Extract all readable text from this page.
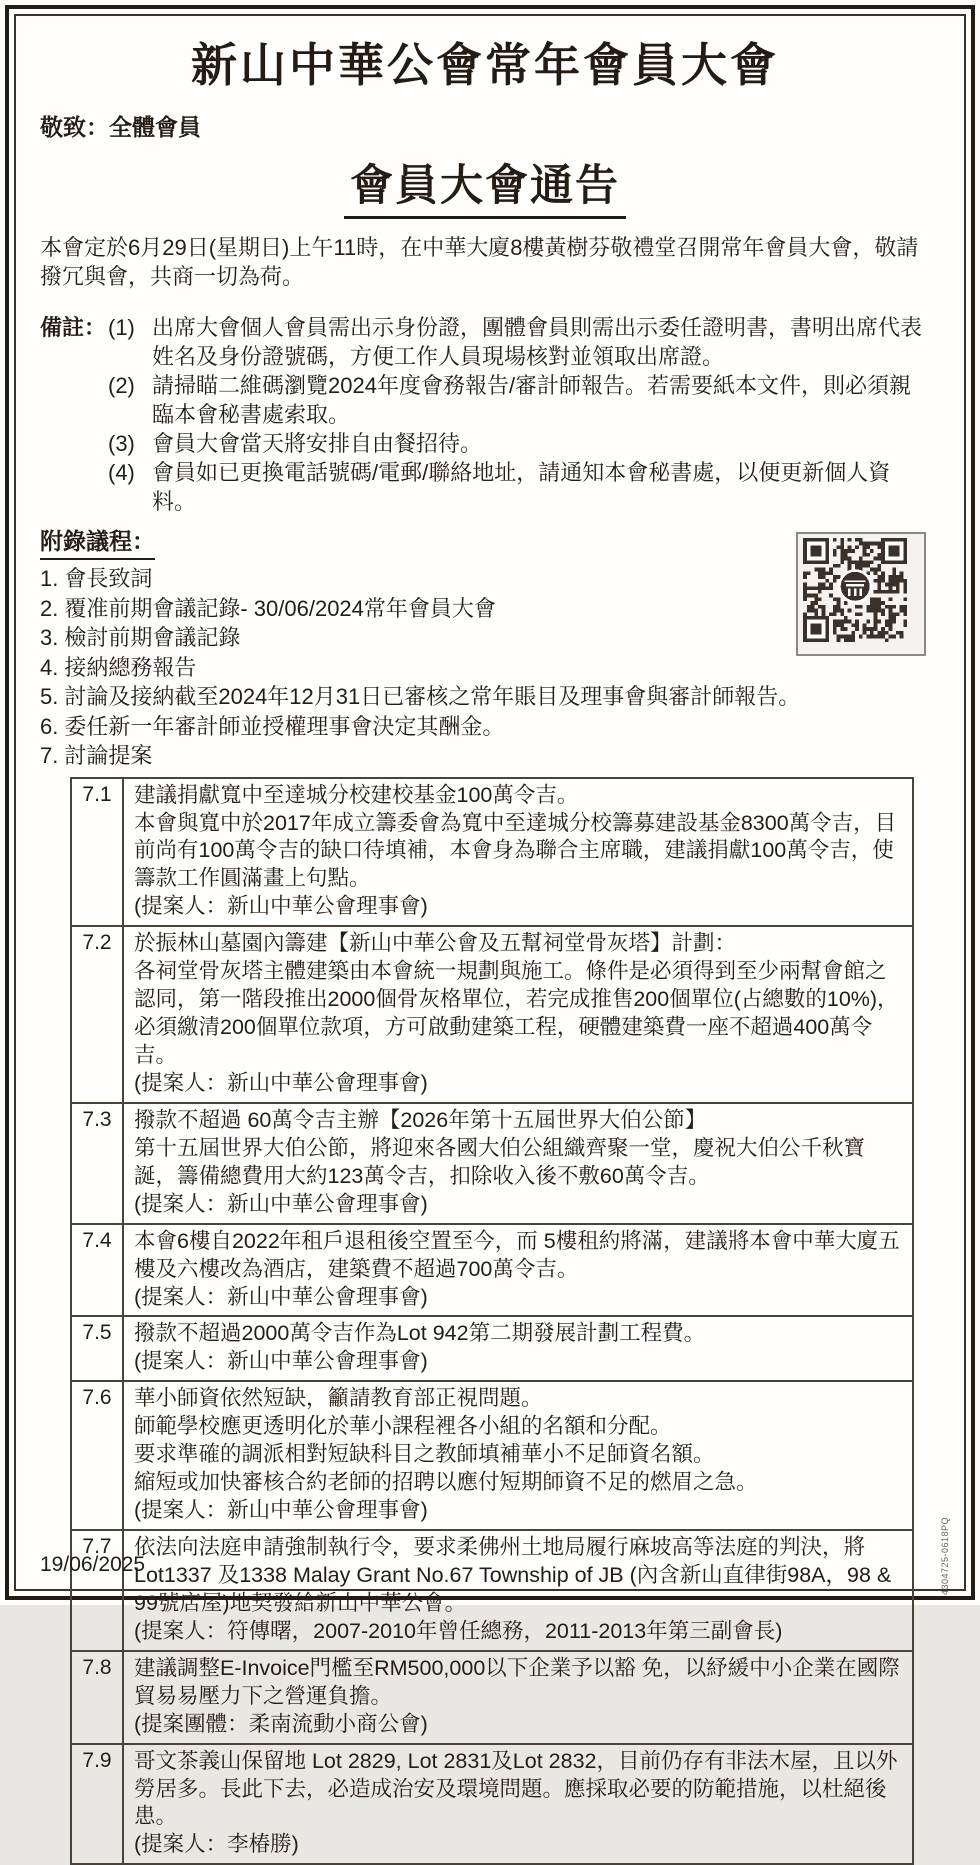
新山中華公會常年會員大會
敬致：全體會員
會員大會通告

本會定於6月29日(星期日)上午11時，在中華大廈8樓黃樹芬敬禮堂召開常年會員大會，敬請撥冗與會，共商一切為荷。

備註： (1) 出席大會個人會員需出示身份證，團體會員則需出示委任證明書，書明出席代表姓名及身份證號碼，方便工作人員現場核對並領取出席證。
(2) 請掃瞄二維碼瀏覽2024年度會務報告/審計師報告。若需要紙本文件，則必須親臨本會秘書處索取。
(3) 會員大會當天將安排自由餐招待。
(4) 會員如已更換電話號碼/電郵/聯絡地址，請通知本會秘書處，以便更新個人資料。
附錄議程：
1. 會長致詞
2. 覆准前期會議記錄- 30/06/2024常年會員大會
3. 檢討前期會議記錄
4. 接納總務報告
5. 討論及接納截至2024年12月31日已審核之常年賬目及理事會與審計師報告。
6. 委任新一年審計師並授權理事會決定其酬金。
7. 討論提案
7.1	建議捐獻寬中至達城分校建校基金100萬令吉。

本會與寬中於2017年成立籌委會為寬中至達城分校籌募建設基金8300萬令吉，目前尚有100萬令吉的缺口待填補，本會身為聯合主席職，建議捐獻100萬令吉，使籌款工作圓滿畫上句點。

(提案人：新山中華公會理事會)

7.2	於振林山墓園內籌建【新山中華公會及五幫祠堂骨灰塔】計劃：

各祠堂骨灰塔主體建築由本會統一規劃與施工。條件是必須得到至少兩幫會館之認同，第一階段推出2000個骨灰格單位，若完成推售200個單位(占總數的10%)，必須繳清200個單位款項，方可啟動建築工程，硬體建築費一座不超過400萬令吉。

(提案人：新山中華公會理事會)

7.3	撥款不超過 60萬令吉主辦【2026年第十五屆世界大伯公節】

第十五屆世界大伯公節，將迎來各國大伯公組織齊聚一堂，慶祝大伯公千秋寶誕，籌備總費用大約123萬令吉，扣除收入後不敷60萬令吉。

(提案人：新山中華公會理事會)

7.4	本會6樓自2022年租戶退租後空置至今，而 5樓租約將滿，建議將本會中華大廈五樓及六樓改為酒店，建築費不超過700萬令吉。

(提案人：新山中華公會理事會)

7.5	撥款不超過2000萬令吉作為Lot 942第二期發展計劃工程費。

(提案人：新山中華公會理事會)

7.6	華小師資依然短缺，籲請教育部正視問題。

師範學校應更透明化於華小課程裡各小組的名額和分配。

要求準確的調派相對短缺科目之教師填補華小不足師資名額。

縮短或加快審核合約老師的招聘以應付短期師資不足的燃眉之急。

(提案人：新山中華公會理事會)

7.7	依法向法庭申請強制執行令，要求柔佛州土地局履行麻坡高等法庭的判決，將Lot1337 及1338 Malay Grant No.67 Township of JB (內含新山直律街98A，98 & 99號店屋)地契發給新山中華公會。

(提案人：符傳曙，2007-2010年曾任總務，2011-2013年第三副會長)

7.8	建議調整E-Invoice門檻至RM500,000以下企業予以豁 免，以紓緩中小企業在國際貿易易壓力下之營運負擔。

(提案團體：柔南流動小商公會)

7.9	哥文茶義山保留地 Lot 2829, Lot 2831及Lot 2832，目前仍存有非法木屋，且以外勞居多。長此下去，必造成治安及環境問題。應採取必要的防範措施，以杜絕後患。

(提案人：李椿勝)

19/06/2025	4304725-0618PQ
